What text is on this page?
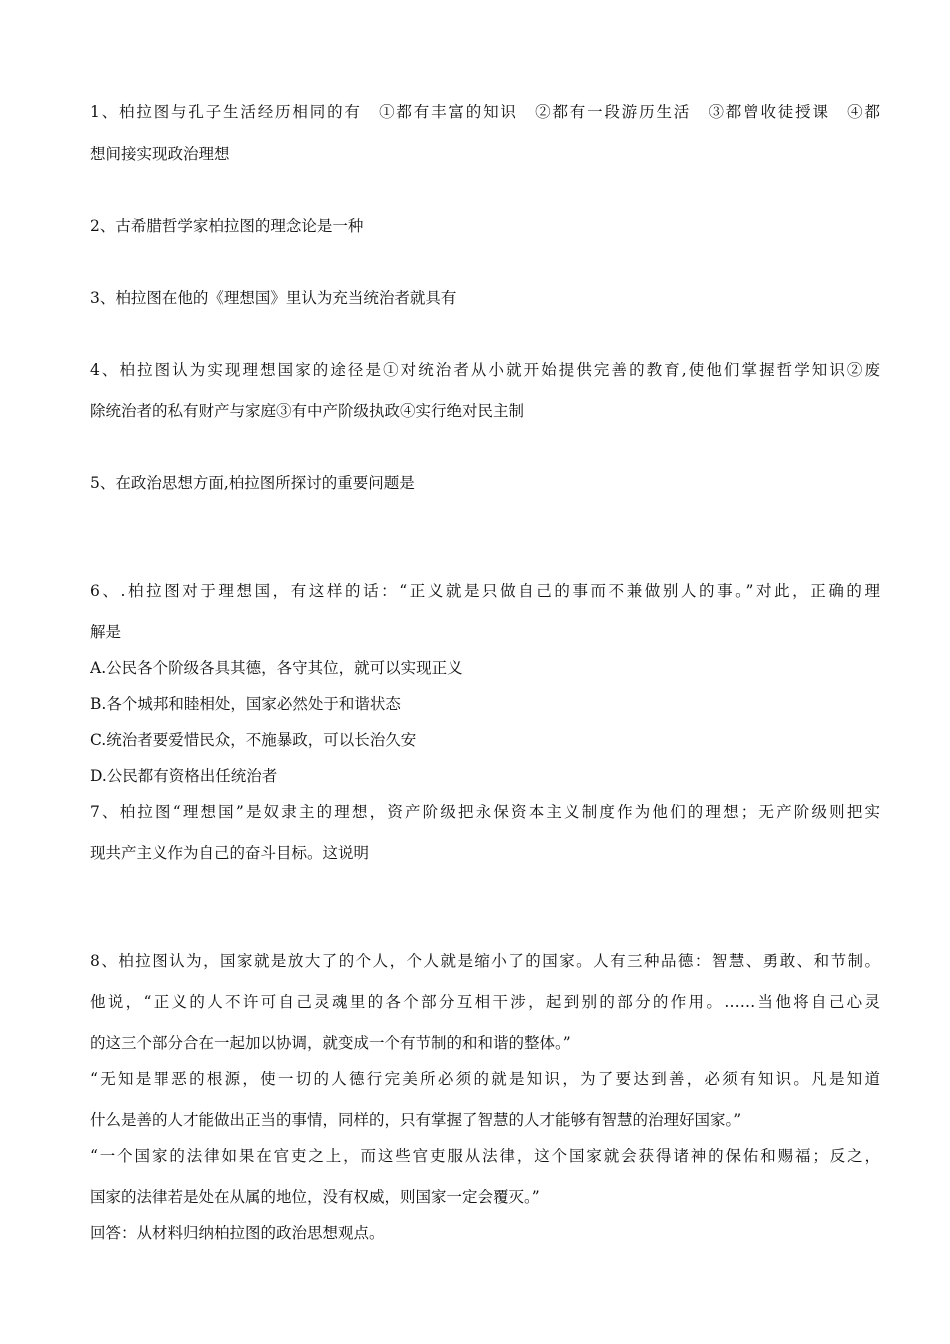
1、柏拉图与孔子生活经历相同的有　①都有丰富的知识　②都有一段游历生活　③都曾收徒授课　④都
想间接实现政治理想
2、古希腊哲学家柏拉图的理念论是一种
3、柏拉图在他的《理想国》里认为充当统治者就具有
4、柏拉图认为实现理想国家的途径是①对统治者从小就开始提供完善的教育,使他们掌握哲学知识②废
除统治者的私有财产与家庭③有中产阶级执政④实行绝对民主制
5、在政治思想方面,柏拉图所探讨的重要问题是
6、.柏拉图对于理想国，有这样的话：“正义就是只做自己的事而不兼做别人的事。”对此，正确的理
解是
A.公民各个阶级各具其德，各守其位，就可以实现正义
B.各个城邦和睦相处，国家必然处于和谐状态
C.统治者要爱惜民众，不施暴政，可以长治久安
D.公民都有资格出任统治者
7、柏拉图“理想国”是奴隶主的理想，资产阶级把永保资本主义制度作为他们的理想；无产阶级则把实
现共产主义作为自己的奋斗目标。这说明
8、柏拉图认为，国家就是放大了的个人，个人就是缩小了的国家。人有三种品德：智慧、勇敢、和节制。
他说，“正义的人不许可自己灵魂里的各个部分互相干涉，起到别的部分的作用。……当他将自己心灵
的这三个部分合在一起加以协调，就变成一个有节制的和和谐的整体。”
“无知是罪恶的根源，使一切的人德行完美所必须的就是知识，为了要达到善，必须有知识。凡是知道
什么是善的人才能做出正当的事情，同样的，只有掌握了智慧的人才能够有智慧的治理好国家。”
“一个国家的法律如果在官吏之上，而这些官吏服从法律，这个国家就会获得诸神的保佑和赐福；反之，
国家的法律若是处在从属的地位，没有权威，则国家一定会覆灭。”
回答：从材料归纳柏拉图的政治思想观点。
